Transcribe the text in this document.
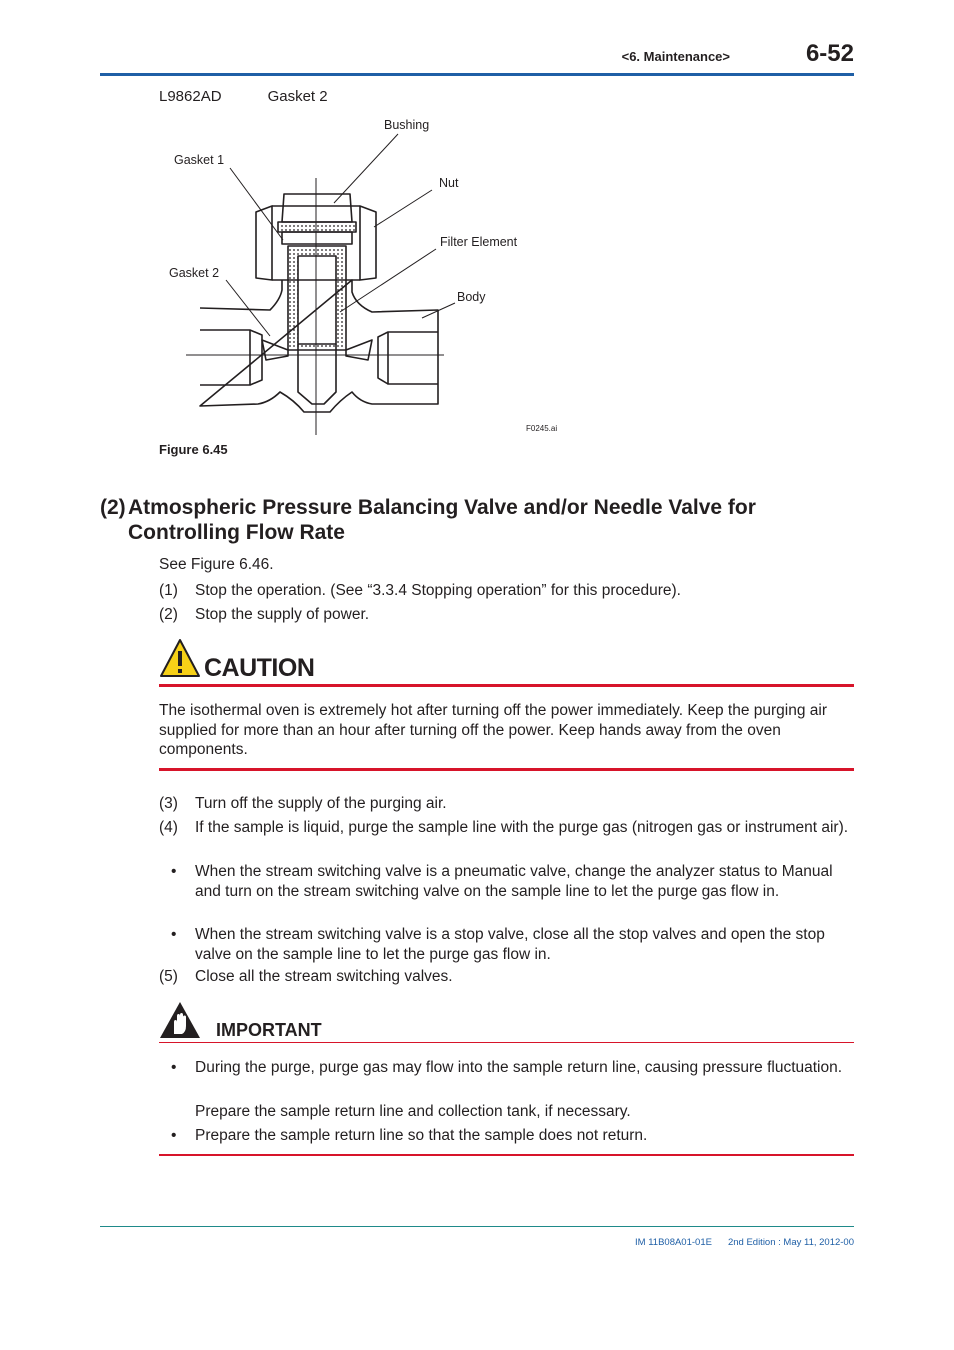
<6. Maintenance>	6-52
L9862AD	Gasket 2
Bushing
Gasket 1
Nut
Filter Element
Gasket 2
Body
F0245.ai
Figure 6.45
(2) Atmospheric Pressure Balancing Valve and/or Needle Valve for
Controlling Flow Rate
See Figure 6.46.
(1) Stop the operation. (See “3.3.4 Stopping operation” for this procedure).
(2) Stop the supply of power.
CAUTION
The isothermal oven is extremely hot after turning off the power immediately. Keep the purging air supplied for more than an hour after turning off the power. Keep hands away from the oven components.
(3) Turn off the supply of the purging air.
(4) If the sample is liquid, purge the sample line with the purge gas (nitrogen gas or instrument air).
• When the stream switching valve is a pneumatic valve, change the analyzer status to Manual and turn on the stream switching valve on the sample line to let the purge gas flow in.
• When the stream switching valve is a stop valve, close all the stop valves and open the stop valve on the sample line to let the purge gas flow in.
(5) Close all the stream switching valves.
IMPORTANT
• During the purge, purge gas may flow into the sample return line, causing pressure fluctuation.
Prepare the sample return line and collection tank, if necessary.
• Prepare the sample return line so that the sample does not return.
IM 11B08A01-01E 2nd Edition : May 11, 2012-00
